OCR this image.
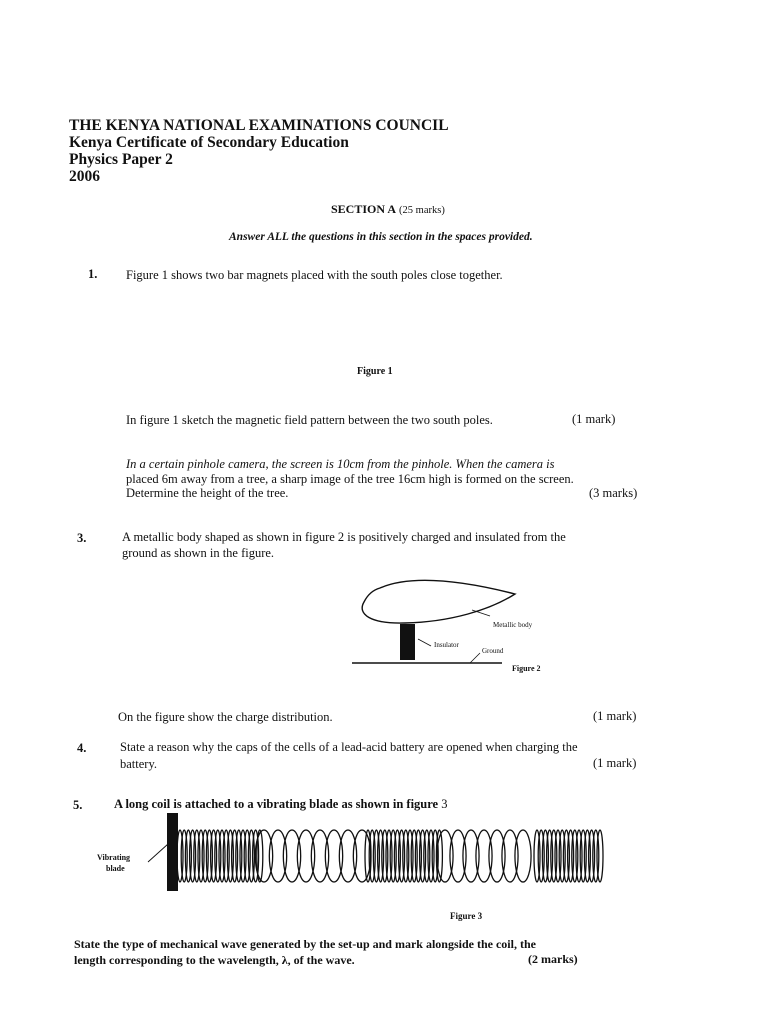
THE KENYA NATIONAL EXAMINATIONS COUNCIL
Kenya Certificate of Secondary Education
Physics Paper 2
2006
SECTION A (25 marks)
Answer ALL the questions in this section in the spaces provided.
1. Figure 1 shows two bar magnets placed with the south poles close together.
Figure 1
In figure 1 sketch the magnetic field pattern between the two south poles.	(1 mark)
In a certain pinhole camera, the screen is 10cm from the pinhole. When the camera is
placed 6m away from a tree, a sharp image of the tree 16cm high is formed on the screen.
Determine the height of the tree.	(3 marks)
3.	A metallic body shaped as shown in figure 2 is positively charged and insulated from the
ground as shown in the figure.
Metallic body
Insulator
Ground
Figure 2
On the figure show the charge distribution.	(1 mark)
4.	State a reason why the caps of the cells of a lead-acid battery are opened when charging the
battery.	(1 mark)
5.	A long coil is attached to a vibrating blade as shown in figure 3
Vibrating
blade
Figure 3
State the type of mechanical wave generated by the set-up and mark alongside the coil, the
length corresponding to the wavelength, λ, of the wave.	(2 marks)
